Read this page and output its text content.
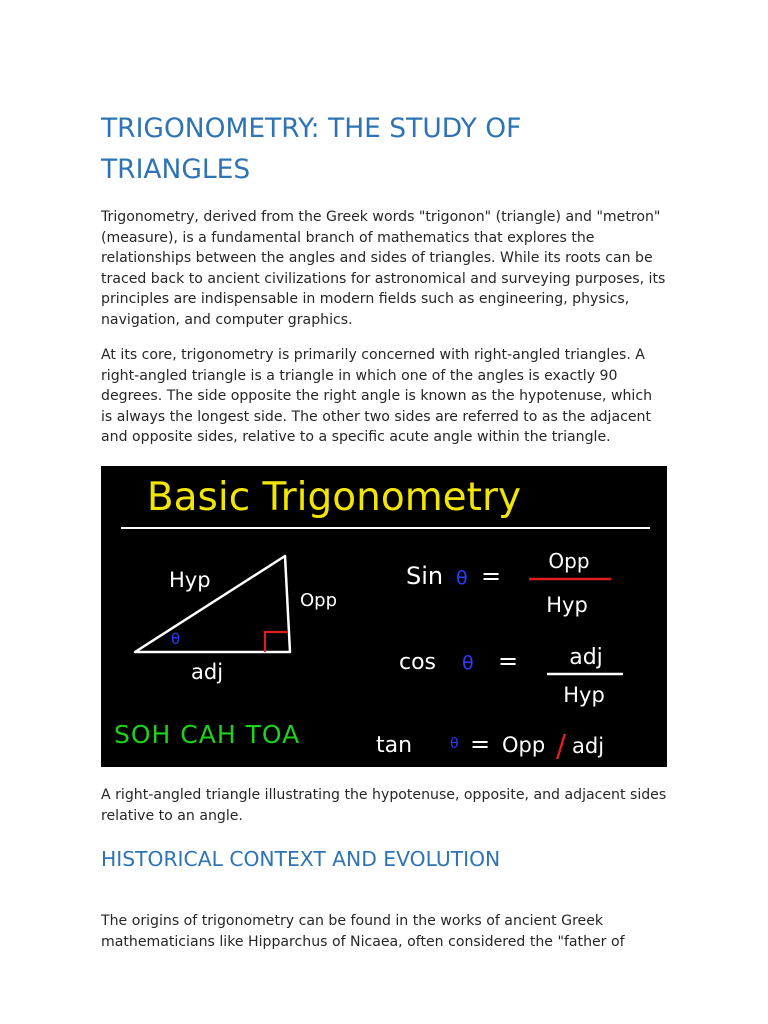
TRIGONOMETRY: THE STUDY OF TRIANGLES

Trigonometry, derived from the Greek words "trigonon" (triangle) and "metron" (measure), is a fundamental branch of mathematics that explores the relationships between the angles and sides of triangles. While its roots can be traced back to ancient civilizations for astronomical and surveying purposes, its principles are indispensable in modern fields such as engineering, physics, navigation, and computer graphics.

At its core, trigonometry is primarily concerned with right-angled triangles. A right-angled triangle is a triangle in which one of the angles is exactly 90 degrees. The side opposite the right angle is known as the hypotenuse, which is always the longest side. The other two sides are referred to as the adjacent and opposite sides, relative to a specific acute angle within the triangle.

Basic Trigonometry
Hyp
Opp
adj
θ
SOH CAH TOA
Sin θ =
Opp
Hyp
cos θ = adj
Hyp
tan	θ = Opp / adj

A right-angled triangle illustrating the hypotenuse, opposite, and adjacent sides relative to an angle.

HISTORICAL CONTEXT AND EVOLUTION

The origins of trigonometry can be found in the works of ancient Greek mathematicians like Hipparchus of Nicaea, often considered the "father of
